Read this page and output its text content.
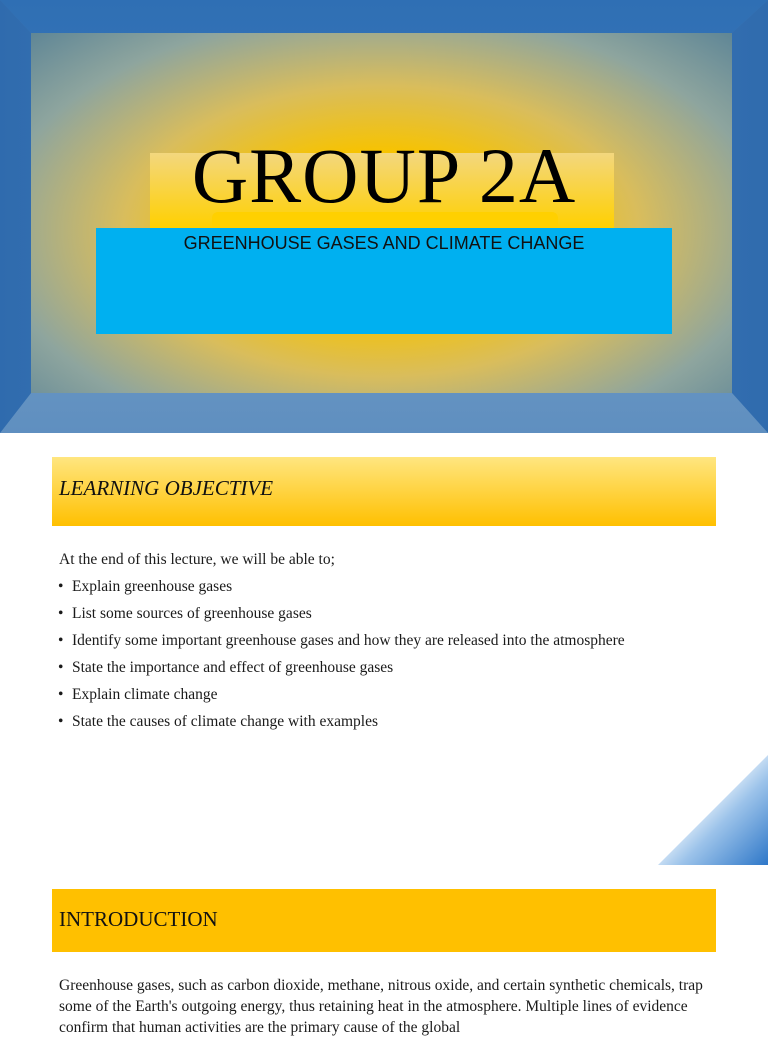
GROUP 2A
GREENHOUSE GASES AND CLIMATE CHANGE
LEARNING OBJECTIVE
At the end of this lecture, we will be able to;
• Explain greenhouse gases
• List some sources of greenhouse gases
• Identify some important greenhouse gases and how they are released into the atmosphere
• State the importance and effect of greenhouse gases
• Explain climate change
• State the causes of climate change with examples
INTRODUCTION
Greenhouse gases, such as carbon dioxide, methane, nitrous oxide, and certain synthetic chemicals, trap some of the Earth's outgoing energy, thus retaining heat in the atmosphere. Multiple lines of evidence confirm that human activities are the primary cause of the global
